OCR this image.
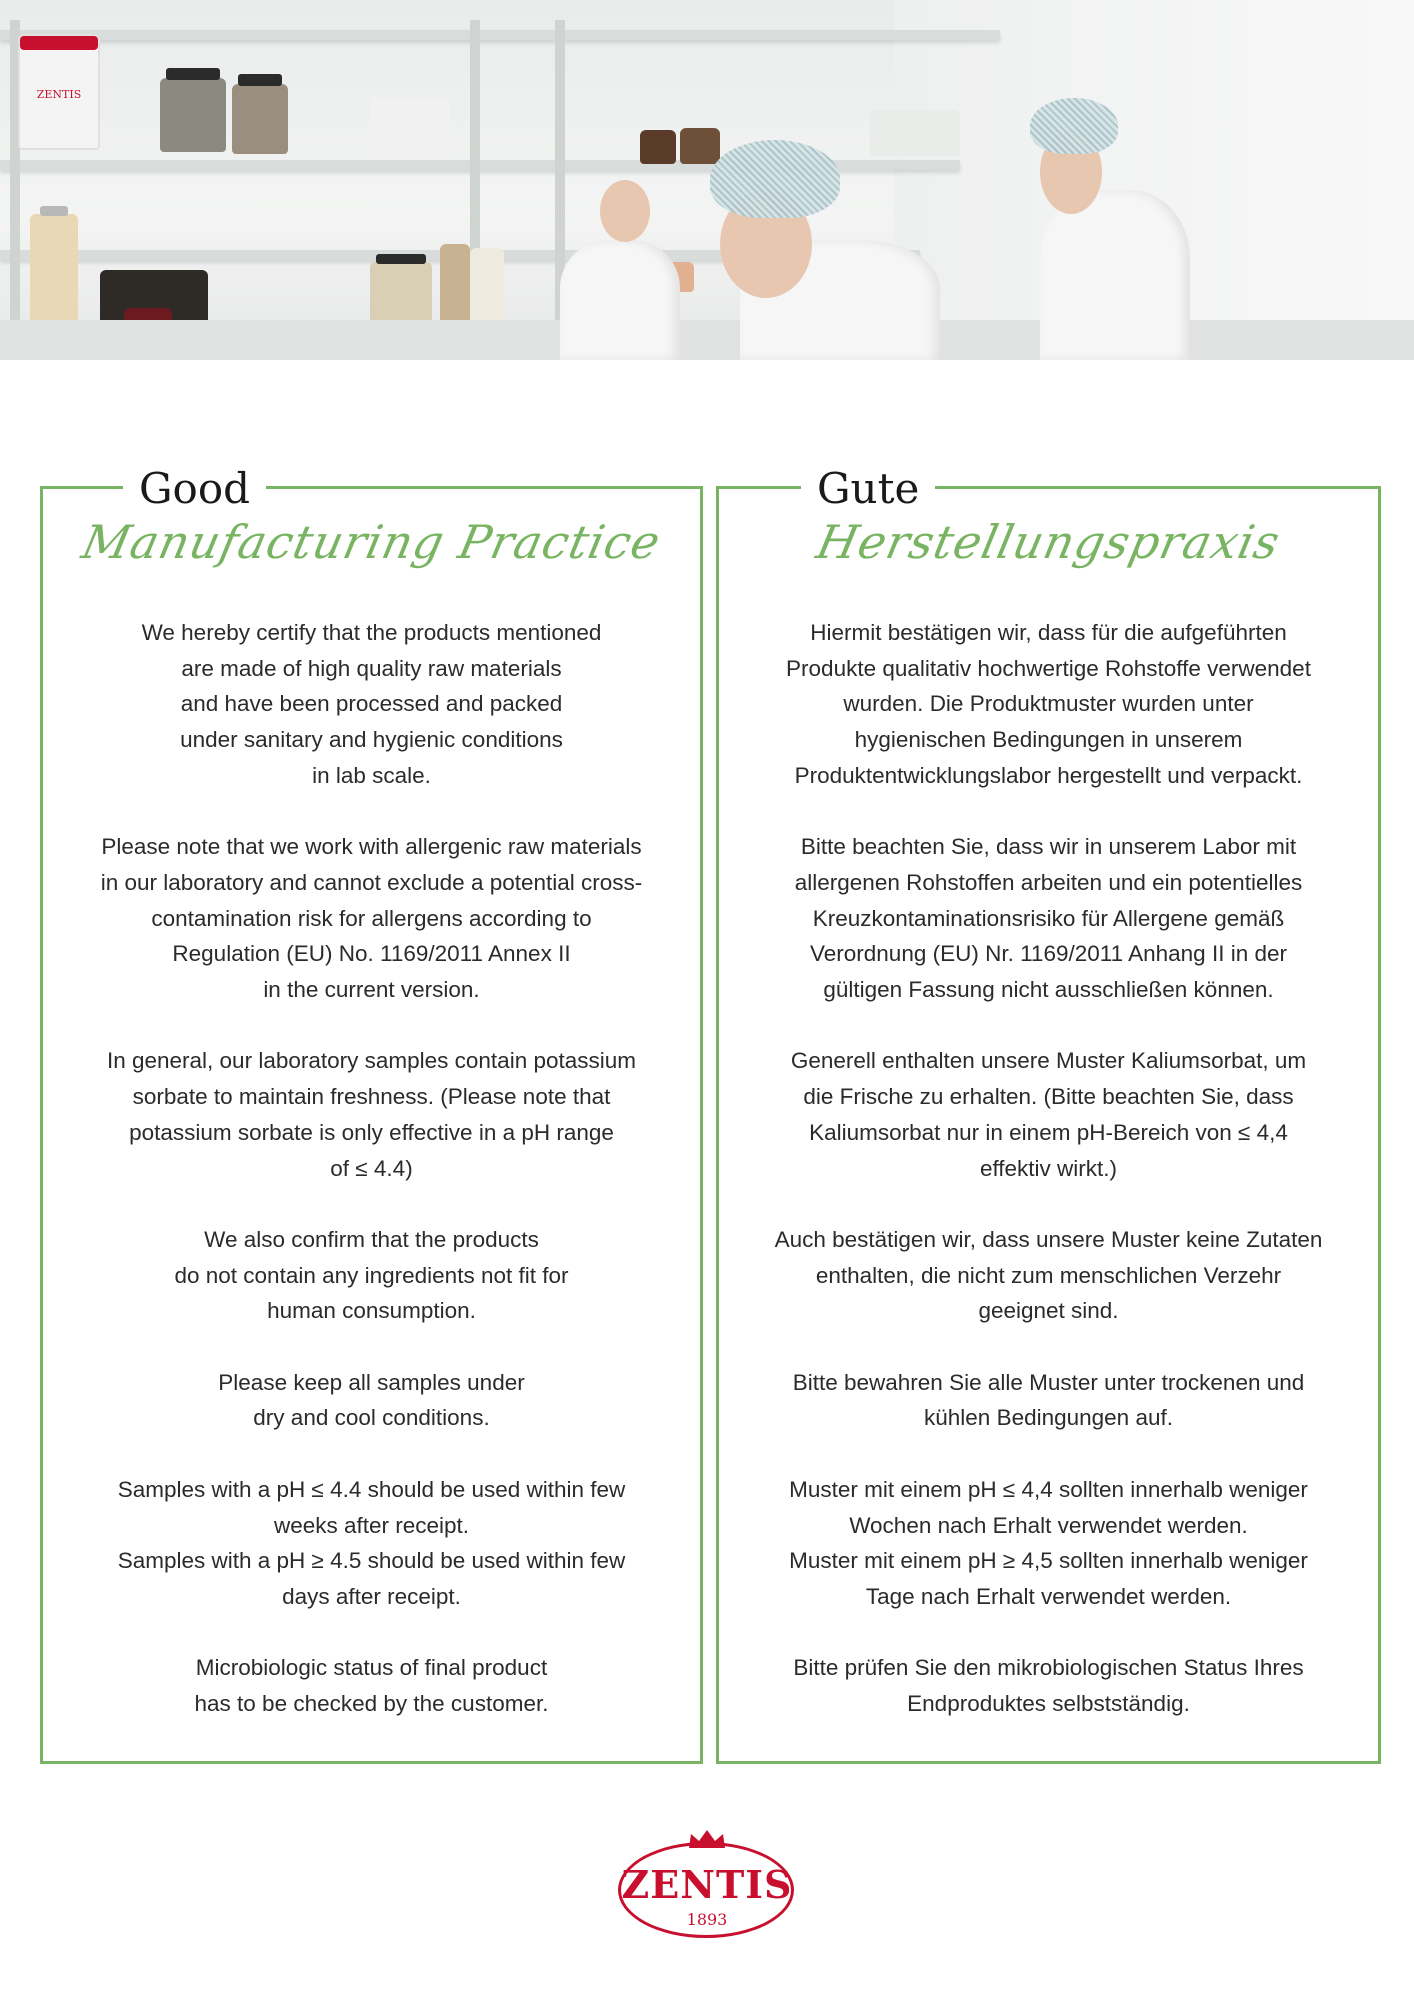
ZENTIS
Good
Manufacturing Practice

We hereby certify that the products mentioned
are made of high quality raw materials
and have been processed and packed
under sanitary and hygienic conditions
in lab scale.

Please note that we work with allergenic raw materials
in our laboratory and cannot exclude a potential cross-
contamination risk for allergens according to
Regulation (EU) No. 1169/2011 Annex II
in the current version.

In general, our laboratory samples contain potassium
sorbate to maintain freshness. (Please note that
potassium sorbate is only effective in a pH range
of ≤ 4.4)

We also confirm that the products
do not contain any ingredients not fit for
human consumption.

Please keep all samples under
dry and cool conditions.

Samples with a pH ≤ 4.4 should be used within few
weeks after receipt.
Samples with a pH ≥ 4.5 should be used within few
days after receipt.

Microbiologic status of final product
has to be checked by the customer.

Gute
Herstellungspraxis

Hiermit bestätigen wir, dass für die aufgeführten
Produkte qualitativ hochwertige Rohstoffe verwendet
wurden. Die Produktmuster wurden unter
hygienischen Bedingungen in unserem
Produktentwicklungslabor hergestellt und verpackt.

Bitte beachten Sie, dass wir in unserem Labor mit
allergenen Rohstoffen arbeiten und ein potentielles
Kreuzkontaminationsrisiko für Allergene gemäß
Verordnung (EU) Nr. 1169/2011 Anhang II in der
gültigen Fassung nicht ausschließen können.

Generell enthalten unsere Muster Kaliumsorbat, um
die Frische zu erhalten. (Bitte beachten Sie, dass
Kaliumsorbat nur in einem pH-Bereich von ≤ 4,4
effektiv wirkt.)

Auch bestätigen wir, dass unsere Muster keine Zutaten
enthalten, die nicht zum menschlichen Verzehr
geeignet sind.

Bitte bewahren Sie alle Muster unter trockenen und
kühlen Bedingungen auf.

Muster mit einem pH ≤ 4,4 sollten innerhalb weniger
Wochen nach Erhalt verwendet werden.
Muster mit einem pH ≥ 4,5 sollten innerhalb weniger
Tage nach Erhalt verwendet werden.

Bitte prüfen Sie den mikrobiologischen Status Ihres
Endproduktes selbstständig.

ZENTIS
1893
